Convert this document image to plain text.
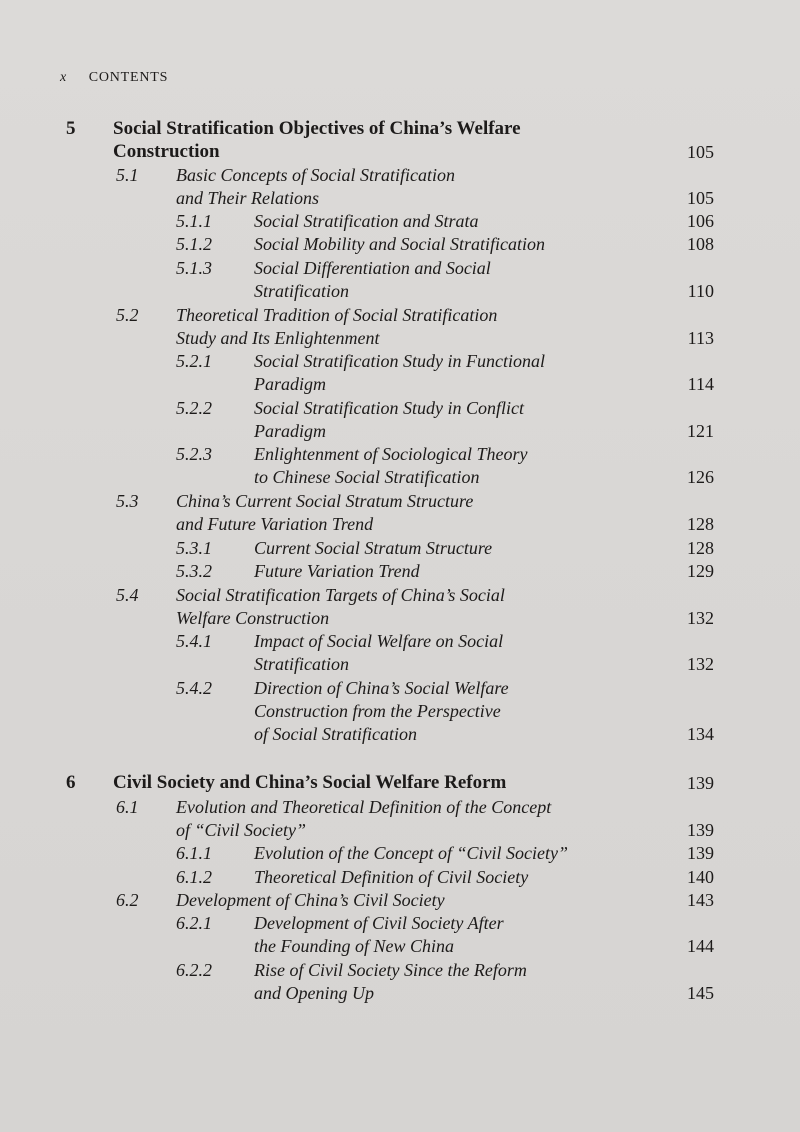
x CONTENTS
5 Social Stratification Objectives of China’s Welfare
Construction	105
5.1 Basic Concepts of Social Stratification
and Their Relations	105
5.1.1 Social Stratification and Strata	106
5.1.2 Social Mobility and Social Stratification	108
5.1.3 Social Differentiation and Social
Stratification	110
5.2 Theoretical Tradition of Social Stratification
Study and Its Enlightenment	113
5.2.1 Social Stratification Study in Functional
Paradigm	114
5.2.2 Social Stratification Study in Conflict
Paradigm	121
5.2.3 Enlightenment of Sociological Theory
to Chinese Social Stratification	126
5.3 China’s Current Social Stratum Structure
and Future Variation Trend	128
5.3.1 Current Social Stratum Structure	128
5.3.2 Future Variation Trend	129
5.4 Social Stratification Targets of China’s Social
Welfare Construction	132
5.4.1 Impact of Social Welfare on Social
Stratification	132
5.4.2 Direction of China’s Social Welfare
Construction from the Perspective
of Social Stratification	134
6 Civil Society and China’s Social Welfare Reform	139
6.1 Evolution and Theoretical Definition of the Concept
of “Civil Society”	139
6.1.1 Evolution of the Concept of “Civil Society”	139
6.1.2 Theoretical Definition of Civil Society	140
6.2 Development of China’s Civil Society	143
6.2.1 Development of Civil Society After
the Founding of New China	144
6.2.2 Rise of Civil Society Since the Reform
and Opening Up	145
